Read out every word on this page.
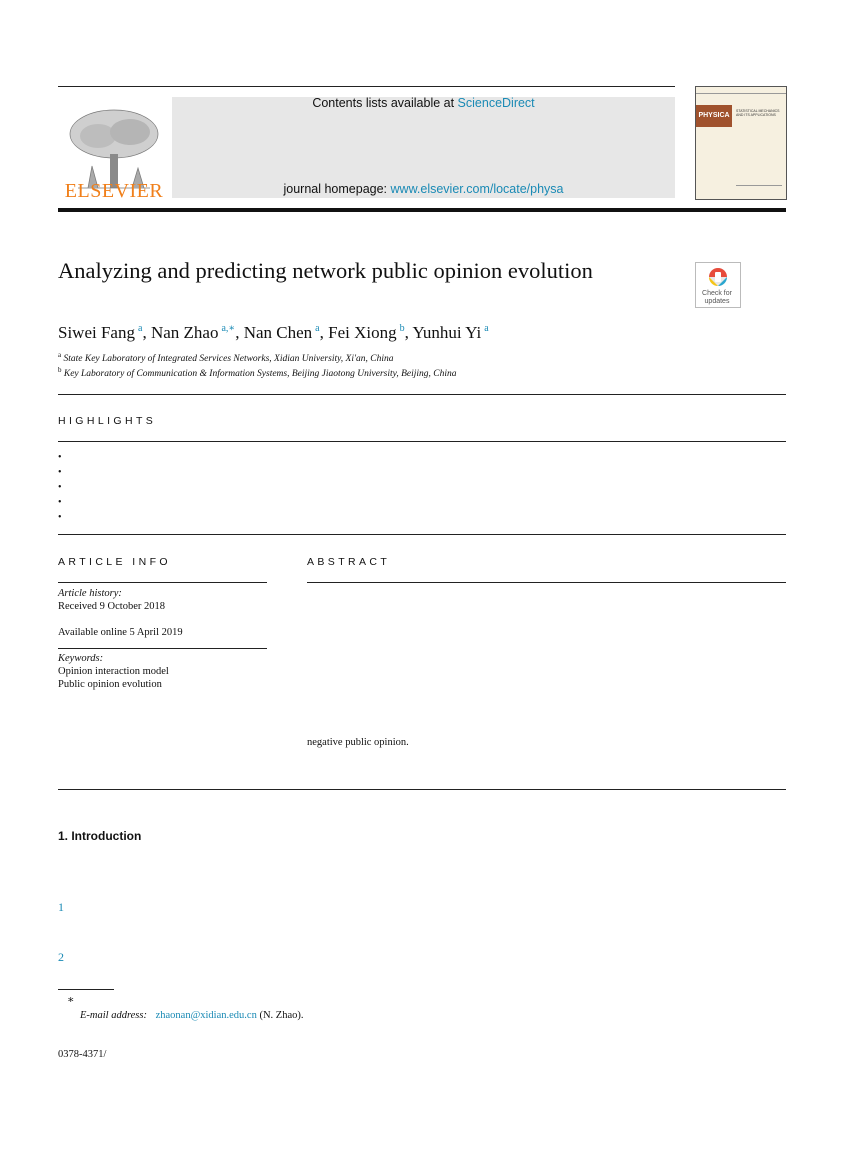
ELSEVIER
Contents lists available at ScienceDirect
journal homepage: www.elsevier.com/locate/physa
PHYSICA
STATISTICAL MECHANICS AND ITS APPLICATIONS
Analyzing and predicting network public opinion evolution
Check for updates
Siwei Fang $^a$, Nan Zhao $^{a,∗}$, Nan Chen $^a$, Fei Xiong $^b$, Yunhui Yi $^a$
$^a$ State Key Laboratory of Integrated Services Networks, Xidian University, Xi'an, China
$^b$ Key Laboratory of Communication & Information Systems, Beijing Jiaotong University, Beijing, China
HIGHLIGHTS
•
•
•
•
•
ARTICLE INFO
Article history:
Received 9 October 2018
Available online 5 April 2019
Keywords:
Opinion interaction model
Public opinion evolution
ABSTRACT
negative public opinion.
1. Introduction
1
2
∗
E-mail address: zhaonan@xidian.edu.cn (N. Zhao).
0378-4371/
